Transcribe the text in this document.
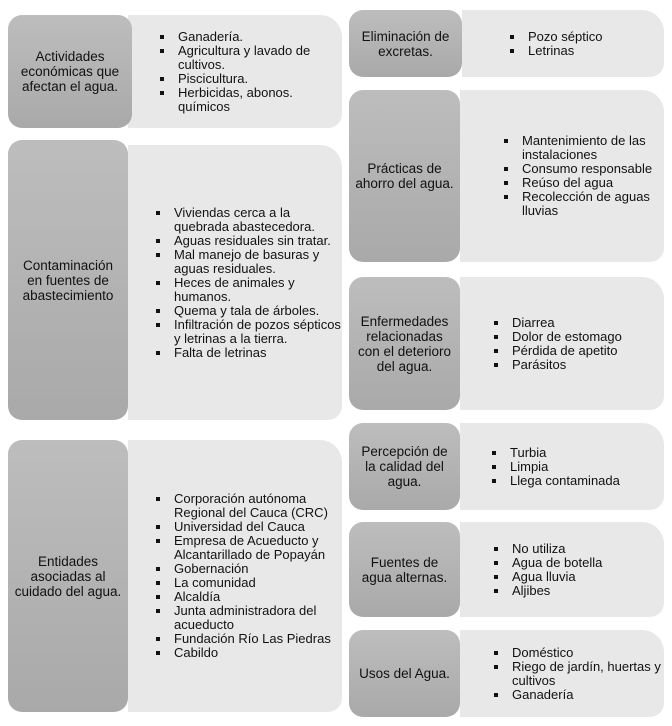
Ganadería.
Agricultura y lavado de cultivos.
Piscicultura.
Herbicidas, abonos. químicos
Actividades económicas que afectan el agua.
Viviendas cerca a la quebrada abastecedora.
Aguas residuales sin tratar.
Mal manejo de basuras y aguas residuales.
Heces de animales y humanos.
Quema y tala de árboles.
Infiltración de pozos sépticos y letrinas a la tierra.
Falta de letrinas
Contaminación en fuentes de abastecimiento
Corporación autónoma Regional del Cauca (CRC)
Universidad del Cauca
Empresa de Acueducto y Alcantarillado de Popayán
Gobernación
La comunidad
Alcaldía
Junta administradora del acueducto
Fundación Río Las Piedras
Cabildo
Entidades asociadas al cuidado del agua.
Pozo séptico
Letrinas
Eliminación de excretas.
Mantenimiento de las instalaciones
Consumo responsable
Reúso del agua
Recolección de aguas lluvias
Prácticas de ahorro del agua.
Diarrea
Dolor de estomago
Pérdida de apetito
Parásitos
Enfermedades relacionadas con el deterioro del agua.
Turbia
Limpia
Llega contaminada
Percepción de la calidad del agua.
No utiliza
Agua de botella
Agua lluvia
Aljibes
Fuentes de agua alternas.
Doméstico
Riego de jardín, huertas y cultivos
Ganadería
Usos del Agua.
